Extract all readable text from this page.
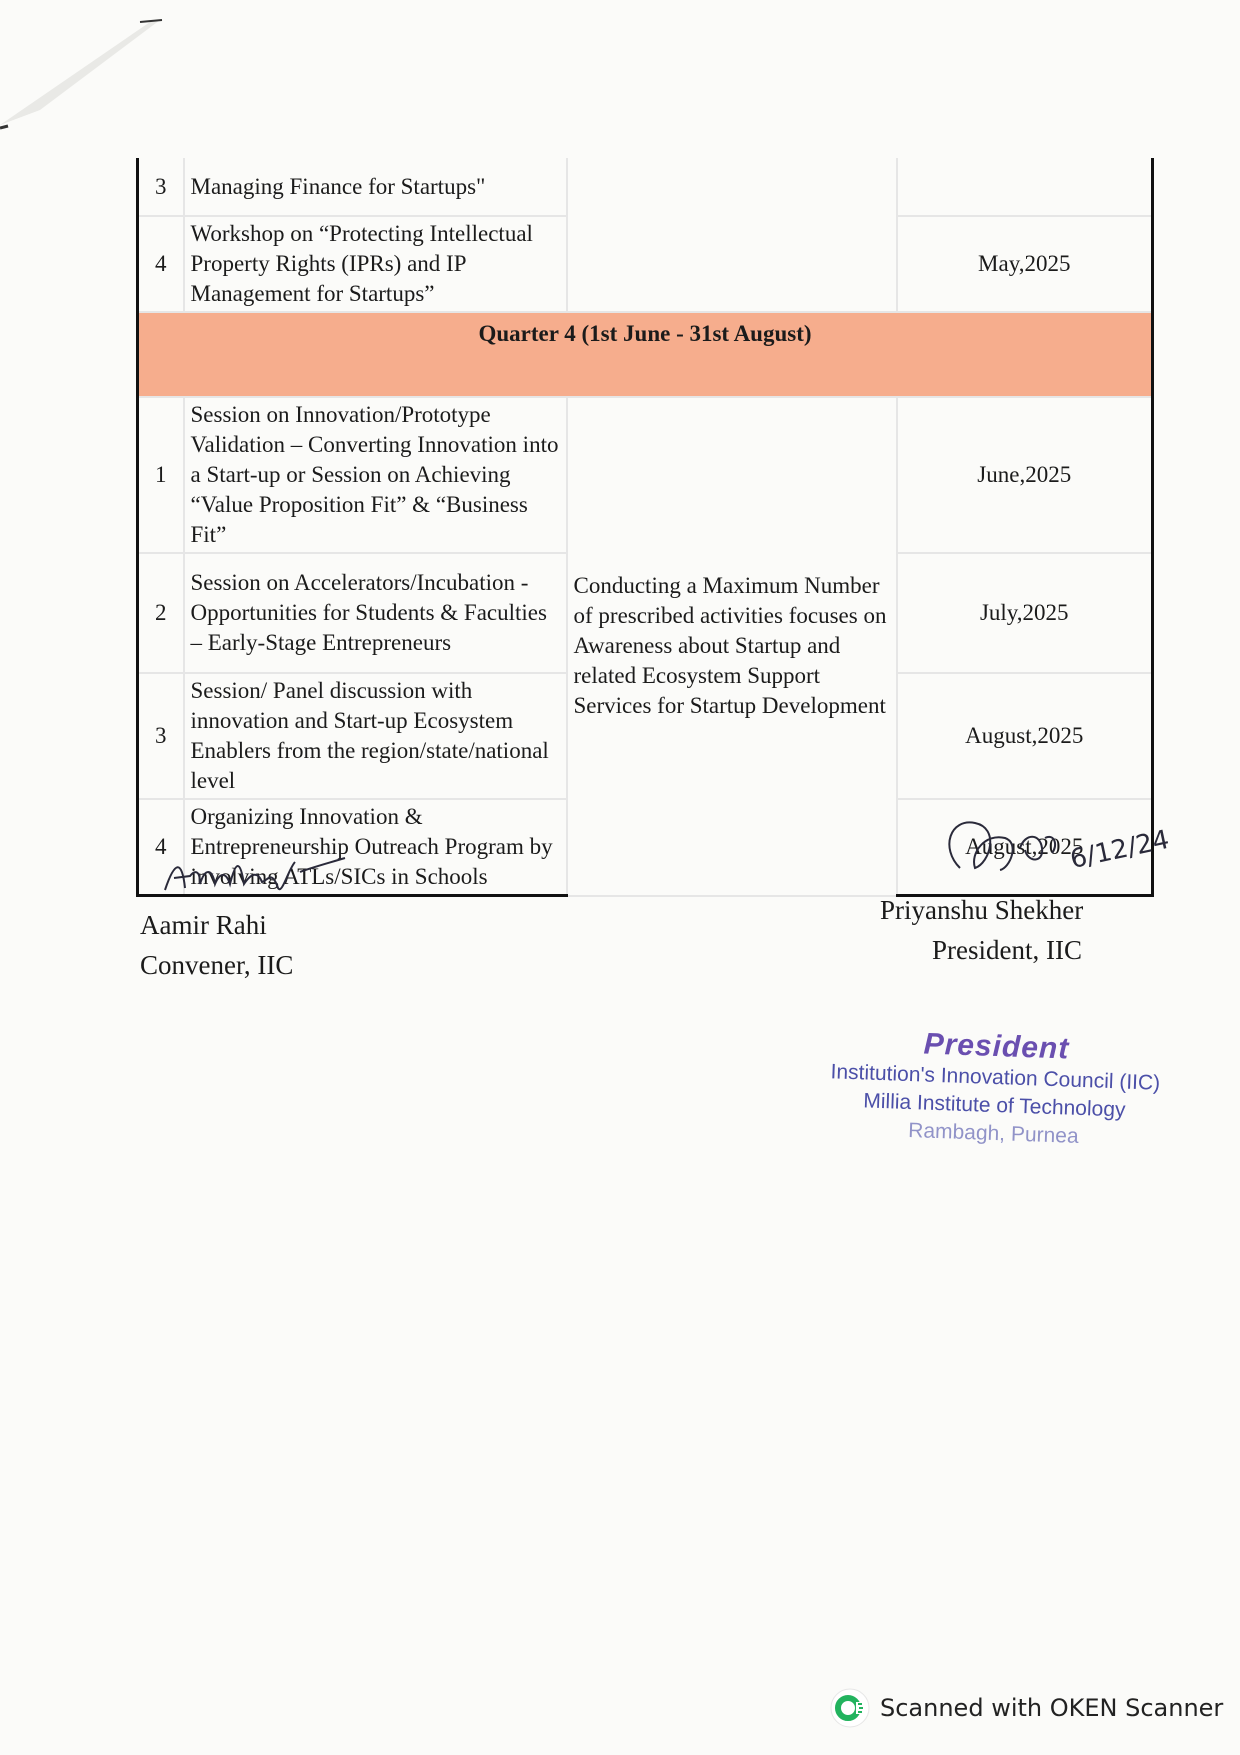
3	Managing Finance for Startups"		
4	Workshop on “Protecting Intellectual Property Rights (IPRs) and IP Management for Startups”		May,2025
Quarter 4 (1st June - 31st August)			
1	Session on Innovation/Prototype Validation – Converting Innovation into a Start-up or Session on Achieving “Value Proposition Fit” & “Business Fit”	Conducting a Maximum Number of prescribed activities focuses on Awareness about Startup and related Ecosystem Support Services for Startup Development	June,2025
2	Session on Accelerators/Incubation -Opportunities for Students & Faculties – Early-Stage Entrepreneurs		July,2025
3	Session/ Panel discussion with innovation and Start-up Ecosystem Enablers from the region/state/national level		August,2025
4	Organizing Innovation & Entrepreneurship Outreach Program by involving ATLs/SICs in Schools		August,2025
Aamir Rahi
Convener, IIC
6/12/24
Priyanshu Shekher
President, IIC
President
Institution's Innovation Council (IIC)
Millia Institute of Technology
Rambagh, Purnea
Scanned with OKEN Scanner
